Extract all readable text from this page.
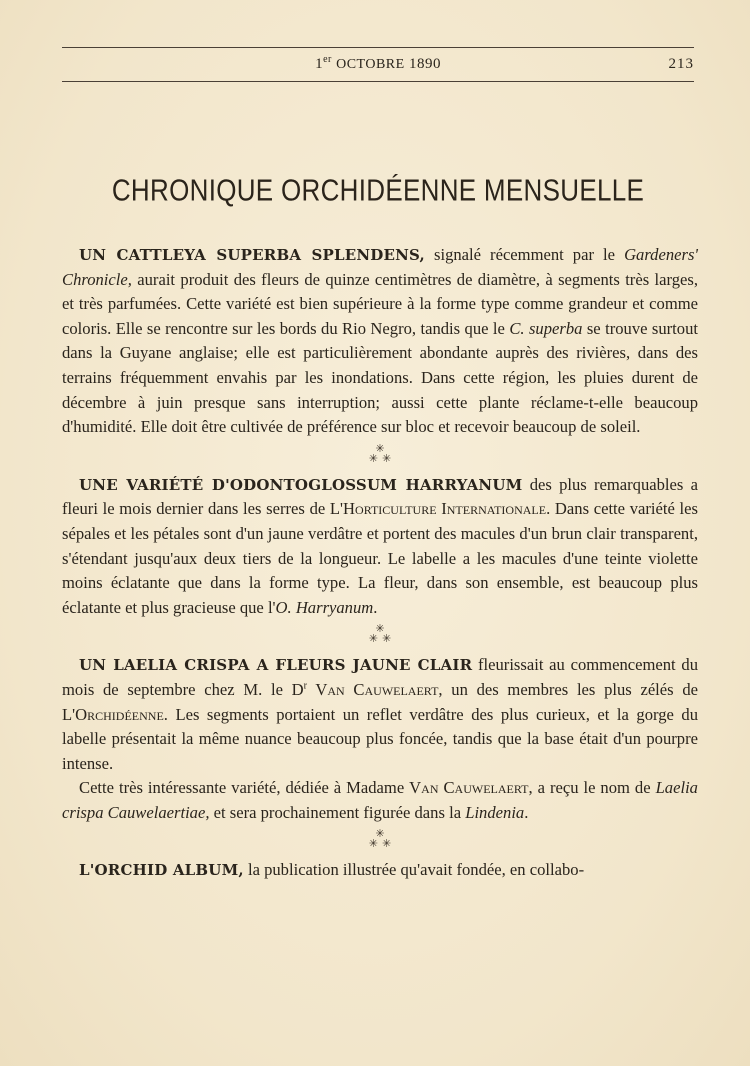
1er OCTOBRE 1890	213
CHRONIQUE ORCHIDÉENNE MENSUELLE

UN CATTLEYA SUPERBA SPLENDENS, signalé récemment par le Gardeners' Chronicle, aurait produit des fleurs de quinze centimètres de diamètre, à segments très larges, et très parfumées. Cette variété est bien supérieure à la forme type comme grandeur et comme coloris. Elle se rencontre sur les bords du Rio Negro, tandis que le C. superba se trouve surtout dans la Guyane anglaise; elle est particulièrement abondante auprès des rivières, dans des terrains fréquemment envahis par les inondations. Dans cette région, les pluies durent de décembre à juin presque sans interruption; aussi cette plante réclame-t-elle beaucoup d'humidité. Elle doit être cultivée de préférence sur bloc et recevoir beaucoup de soleil.

✳
✳✳

UNE VARIÉTÉ D'ODONTOGLOSSUM HARRYANUM des plus remarquables a fleuri le mois dernier dans les serres de L'Horticulture Internationale. Dans cette variété les sépales et les pétales sont d'un jaune verdâtre et portent des macules d'un brun clair transparent, s'étendant jusqu'aux deux tiers de la longueur. Le labelle a les macules d'une teinte violette moins éclatante que dans la forme type. La fleur, dans son ensemble, est beaucoup plus éclatante et plus gracieuse que l'O. Harryanum.

✳
✳✳

UN LAELIA CRISPA A FLEURS JAUNE CLAIR fleurissait au commencement du mois de septembre chez M. le $D^r$ Van Cauwelaert, un des membres les plus zélés de L'Orchidéenne. Les segments portaient un reflet verdâtre des plus curieux, et la gorge du labelle présentait la même nuance beaucoup plus foncée, tandis que la base était d'un pourpre intense.

Cette très intéressante variété, dédiée à Madame Van Cauwelaert, a reçu le nom de Laelia crispa Cauwelaertiae, et sera prochainement figurée dans la Lindenia.

✳
✳✳

L'ORCHID ALBUM, la publication illustrée qu'avait fondée, en collabo-
